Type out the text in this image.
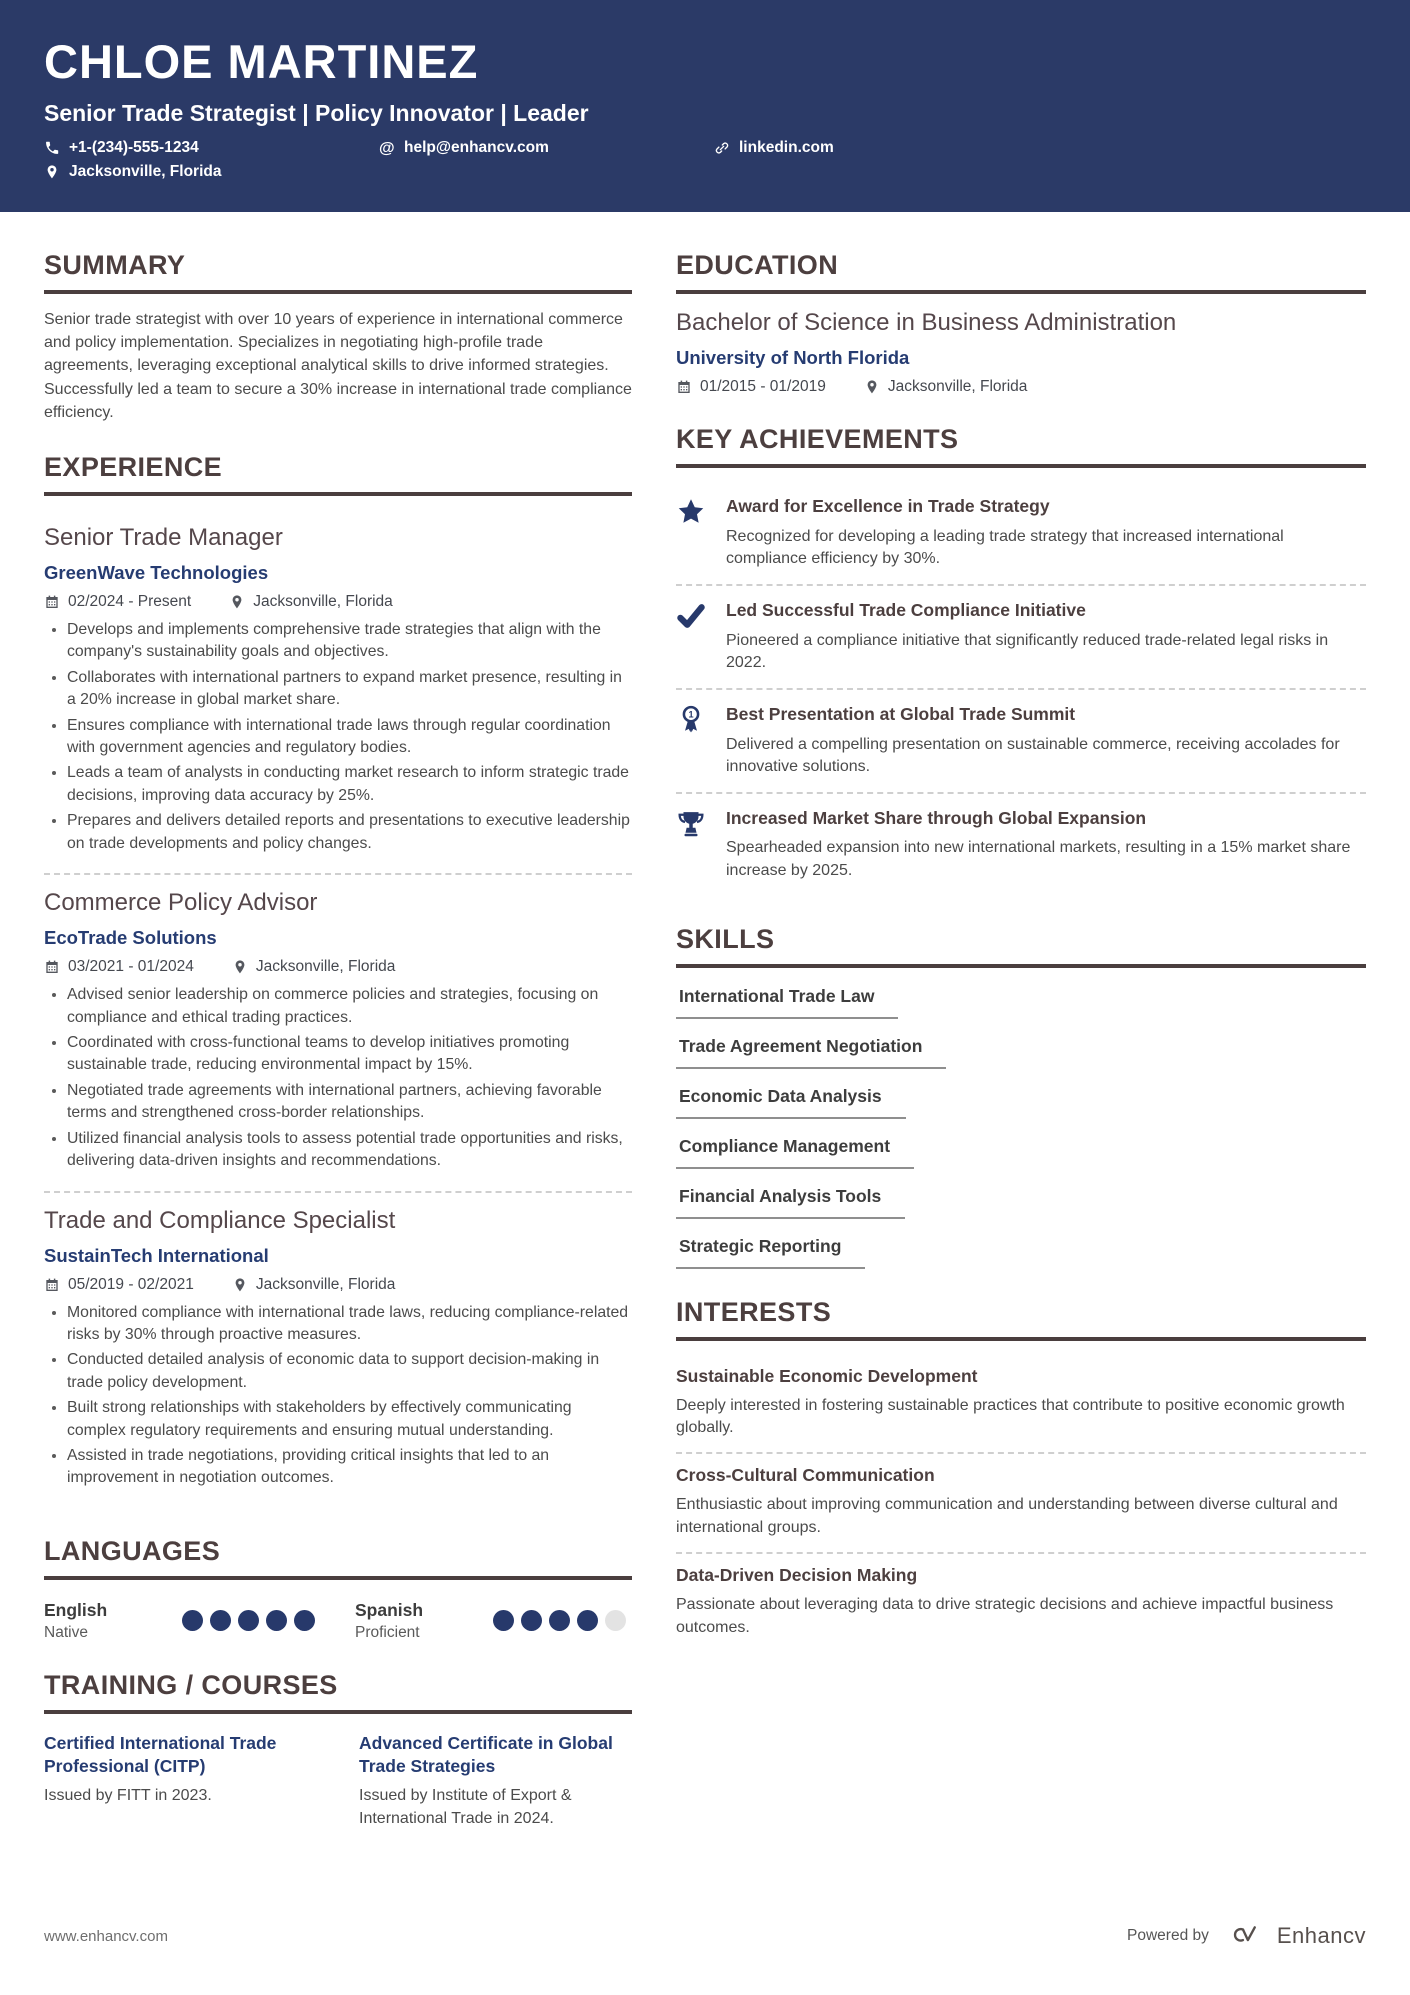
CHLOE MARTINEZ
Senior Trade Strategist | Policy Innovator | Leader
+1-(234)-555-1234	@ help@enhancv.com	linkedin.com
Jacksonville, Florida
SUMMARY

Senior trade strategist with over 10 years of experience in international commerce and policy implementation. Specializes in negotiating high-profile trade agreements, leveraging exceptional analytical skills to drive informed strategies. Successfully led a team to secure a 30% increase in international trade compliance efficiency.

EXPERIENCE
Senior Trade Manager
GreenWave Technologies
02/2024 - Present	Jacksonville, Florida
• Develops and implements comprehensive trade strategies that align with the company's sustainability goals and objectives.
• Collaborates with international partners to expand market presence, resulting in a 20% increase in global market share.
• Ensures compliance with international trade laws through regular coordination with government agencies and regulatory bodies.
• Leads a team of analysts in conducting market research to inform strategic trade decisions, improving data accuracy by 25%.
• Prepares and delivers detailed reports and presentations to executive leadership on trade developments and policy changes.
Commerce Policy Advisor
EcoTrade Solutions
03/2021 - 01/2024	Jacksonville, Florida
• Advised senior leadership on commerce policies and strategies, focusing on compliance and ethical trading practices.
• Coordinated with cross-functional teams to develop initiatives promoting sustainable trade, reducing environmental impact by 15%.
• Negotiated trade agreements with international partners, achieving favorable terms and strengthened cross-border relationships.
• Utilized financial analysis tools to assess potential trade opportunities and risks, delivering data-driven insights and recommendations.
Trade and Compliance Specialist
SustainTech International
05/2019 - 02/2021	Jacksonville, Florida
• Monitored compliance with international trade laws, reducing compliance-related risks by 30% through proactive measures.
• Conducted detailed analysis of economic data to support decision-making in trade policy development.
• Built strong relationships with stakeholders by effectively communicating complex regulatory requirements and ensuring mutual understanding.
• Assisted in trade negotiations, providing critical insights that led to an improvement in negotiation outcomes.
LANGUAGES
English
Native
Spanish
Proficient
TRAINING / COURSES
Certified International Trade Professional (CITP)
Issued by FITT in 2023.
Advanced Certificate in Global Trade Strategies
Issued by Institute of Export & International Trade in 2024.
EDUCATION
Bachelor of Science in Business Administration
University of North Florida
01/2015 - 01/2019	Jacksonville, Florida
KEY ACHIEVEMENTS
Award for Excellence in Trade Strategy
Recognized for developing a leading trade strategy that increased international compliance efficiency by 30%.
Led Successful Trade Compliance Initiative
Pioneered a compliance initiative that significantly reduced trade-related legal risks in 2022.
1 Best Presentation at Global Trade Summit
Delivered a compelling presentation on sustainable commerce, receiving accolades for innovative solutions.
Increased Market Share through Global Expansion
Spearheaded expansion into new international markets, resulting in a 15% market share increase by 2025.
SKILLS
International Trade Law
Trade Agreement Negotiation
Economic Data Analysis
Compliance Management
Financial Analysis Tools
Strategic Reporting
INTERESTS
Sustainable Economic Development
Deeply interested in fostering sustainable practices that contribute to positive economic growth globally.
Cross-Cultural Communication
Enthusiastic about improving communication and understanding between diverse cultural and international groups.
Data-Driven Decision Making
Passionate about leveraging data to drive strategic decisions and achieve impactful business outcomes.
www.enhancv.com	Powered by	Enhancv
